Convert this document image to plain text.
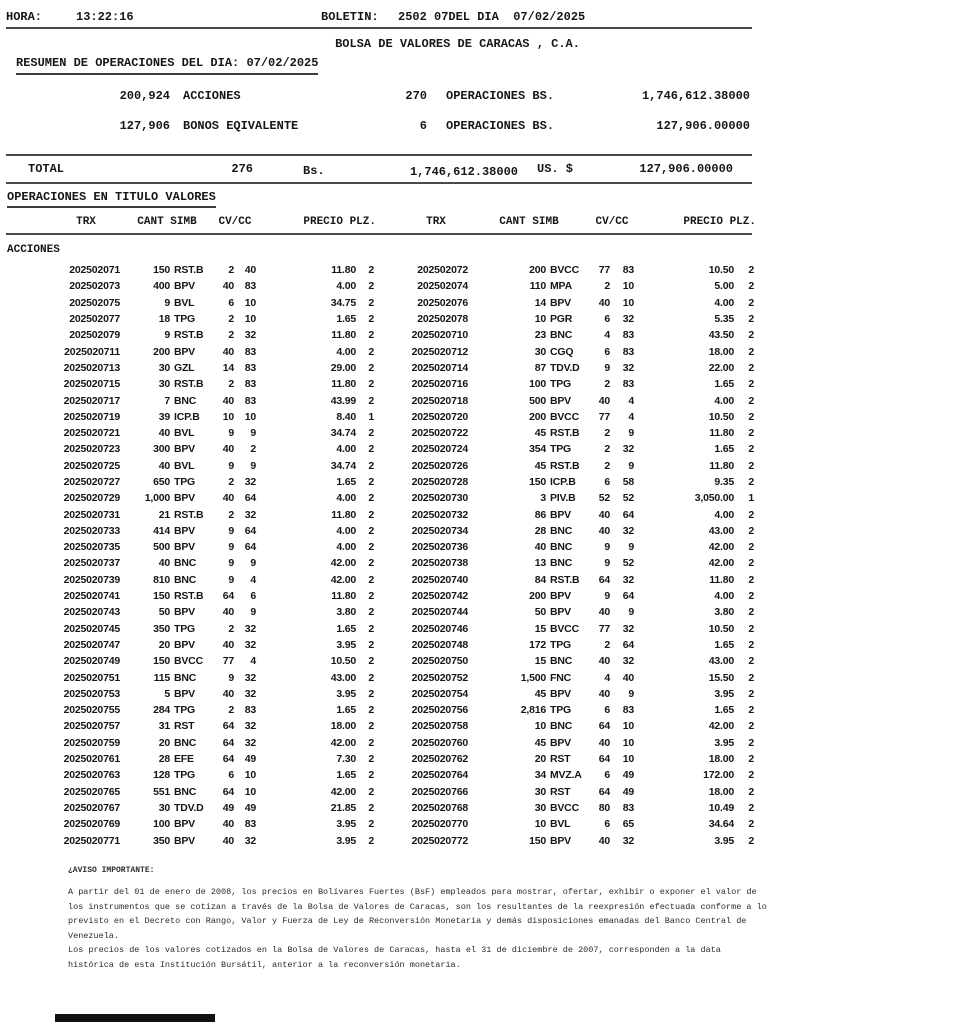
HORA:	13:22:16	BOLETIN: 2502 07DEL DIA  07/02/2025
BOLSA DE VALORES DE CARACAS , C.A.
RESUMEN DE OPERACIONES DEL DIA: 07/02/2025
200,924 ACCIONES	270 OPERACIONES BS.	1,746,612.38000
127,906 BONOS EQIVALENTE	6 OPERACIONES BS.	127,906.00000
TOTAL	276	Bs.	1,746,612.38000 US. $	127,906.00000
OPERACIONES EN TITULO VALORES
TRX	CANT SIMB	CV/CC	PRECIO PLZ.	TRX	CANT SIMB	CV/CC	PRECIO PLZ.
ACCIONES
202502071	150 RST.B	2	40	11.80	2	202502072	200 BVCC	77	83	10.50	2
202502073	400 BPV	40	83	4.00	2	202502074	110 MPA	2	10	5.00	2
202502075	9 BVL	6	10	34.75	2	202502076	14 BPV	40	10	4.00	2
202502077	18 TPG	2	10	1.65	2	202502078	10 PGR	6	32	5.35	2
202502079	9 RST.B	2	32	11.80	2	2025020710	23 BNC	4	83	43.50	2
2025020711	200 BPV	40	83	4.00	2	2025020712	30 CGQ	6	83	18.00	2
2025020713	30 GZL	14	83	29.00	2	2025020714	87 TDV.D	9	32	22.00	2
2025020715	30 RST.B	2	83	11.80	2	2025020716	100 TPG	2	83	1.65	2
2025020717	7 BNC	40	83	43.99	2	2025020718	500 BPV	40	4	4.00	2
2025020719	39 ICP.B	10	10	8.40	1	2025020720	200 BVCC	77	4	10.50	2
2025020721	40 BVL	9	9	34.74	2	2025020722	45 RST.B	2	9	11.80	2
2025020723	300 BPV	40	2	4.00	2	2025020724	354 TPG	2	32	1.65	2
2025020725	40 BVL	9	9	34.74	2	2025020726	45 RST.B	2	9	11.80	2
2025020727	650 TPG	2	32	1.65	2	2025020728	150 ICP.B	6	58	9.35	2
2025020729	1,000 BPV	40	64	4.00	2	2025020730	3 PIV.B	52	52	3,050.00	1
2025020731	21 RST.B	2	32	11.80	2	2025020732	86 BPV	40	64	4.00	2
2025020733	414 BPV	9	64	4.00	2	2025020734	28 BNC	40	32	43.00	2
2025020735	500 BPV	9	64	4.00	2	2025020736	40 BNC	9	9	42.00	2
2025020737	40 BNC	9	9	42.00	2	2025020738	13 BNC	9	52	42.00	2
2025020739	810 BNC	9	4	42.00	2	2025020740	84 RST.B	64	32	11.80	2
2025020741	150 RST.B	64	6	11.80	2	2025020742	200 BPV	9	64	4.00	2
2025020743	50 BPV	40	9	3.80	2	2025020744	50 BPV	40	9	3.80	2
2025020745	350 TPG	2	32	1.65	2	2025020746	15 BVCC	77	32	10.50	2
2025020747	20 BPV	40	32	3.95	2	2025020748	172 TPG	2	64	1.65	2
2025020749	150 BVCC	77	4	10.50	2	2025020750	15 BNC	40	32	43.00	2
2025020751	115 BNC	9	32	43.00	2	2025020752	1,500 FNC	4	40	15.50	2
2025020753	5 BPV	40	32	3.95	2	2025020754	45 BPV	40	9	3.95	2
2025020755	284 TPG	2	83	1.65	2	2025020756	2,816 TPG	6	83	1.65	2
2025020757	31 RST	64	32	18.00	2	2025020758	10 BNC	64	10	42.00	2
2025020759	20 BNC	64	32	42.00	2	2025020760	45 BPV	40	10	3.95	2
2025020761	28 EFE	64	49	7.30	2	2025020762	20 RST	64	10	18.00	2
2025020763	128 TPG	6	10	1.65	2	2025020764	34 MVZ.A	6	49	172.00	2
2025020765	551 BNC	64	10	42.00	2	2025020766	30 RST	64	49	18.00	2
2025020767	30 TDV.D	49	49	21.85	2	2025020768	30 BVCC	80	83	10.49	2
2025020769	100 BPV	40	83	3.95	2	2025020770	10 BVL	6	65	34.64	2
2025020771	350 BPV	40	32	3.95	2	2025020772	150 BPV	40	32	3.95	2
¿AVISO IMPORTANTE:
A partir del 01 de enero de 2008, los precios en Bolívares Fuertes (BsF) empleados para mostrar, ofertar, exhibir o exponer el valor de
los instrumentos que se cotizan a través de la Bolsa de Valores de Caracas, son los resultantes de la reexpresión efectuada conforme a lo
previsto en el Decreto con Rango, Valor y Fuerza de Ley de Reconversión Monetaria y demás disposiciones emanadas del Banco Central de
Venezuela.
Los precios de los valores cotizados en la Bolsa de Valores de Caracas, hasta el 31 de diciembre de 2007, corresponden a la data
histórica de esta Institución Bursátil, anterior a la reconversión monetaria.
